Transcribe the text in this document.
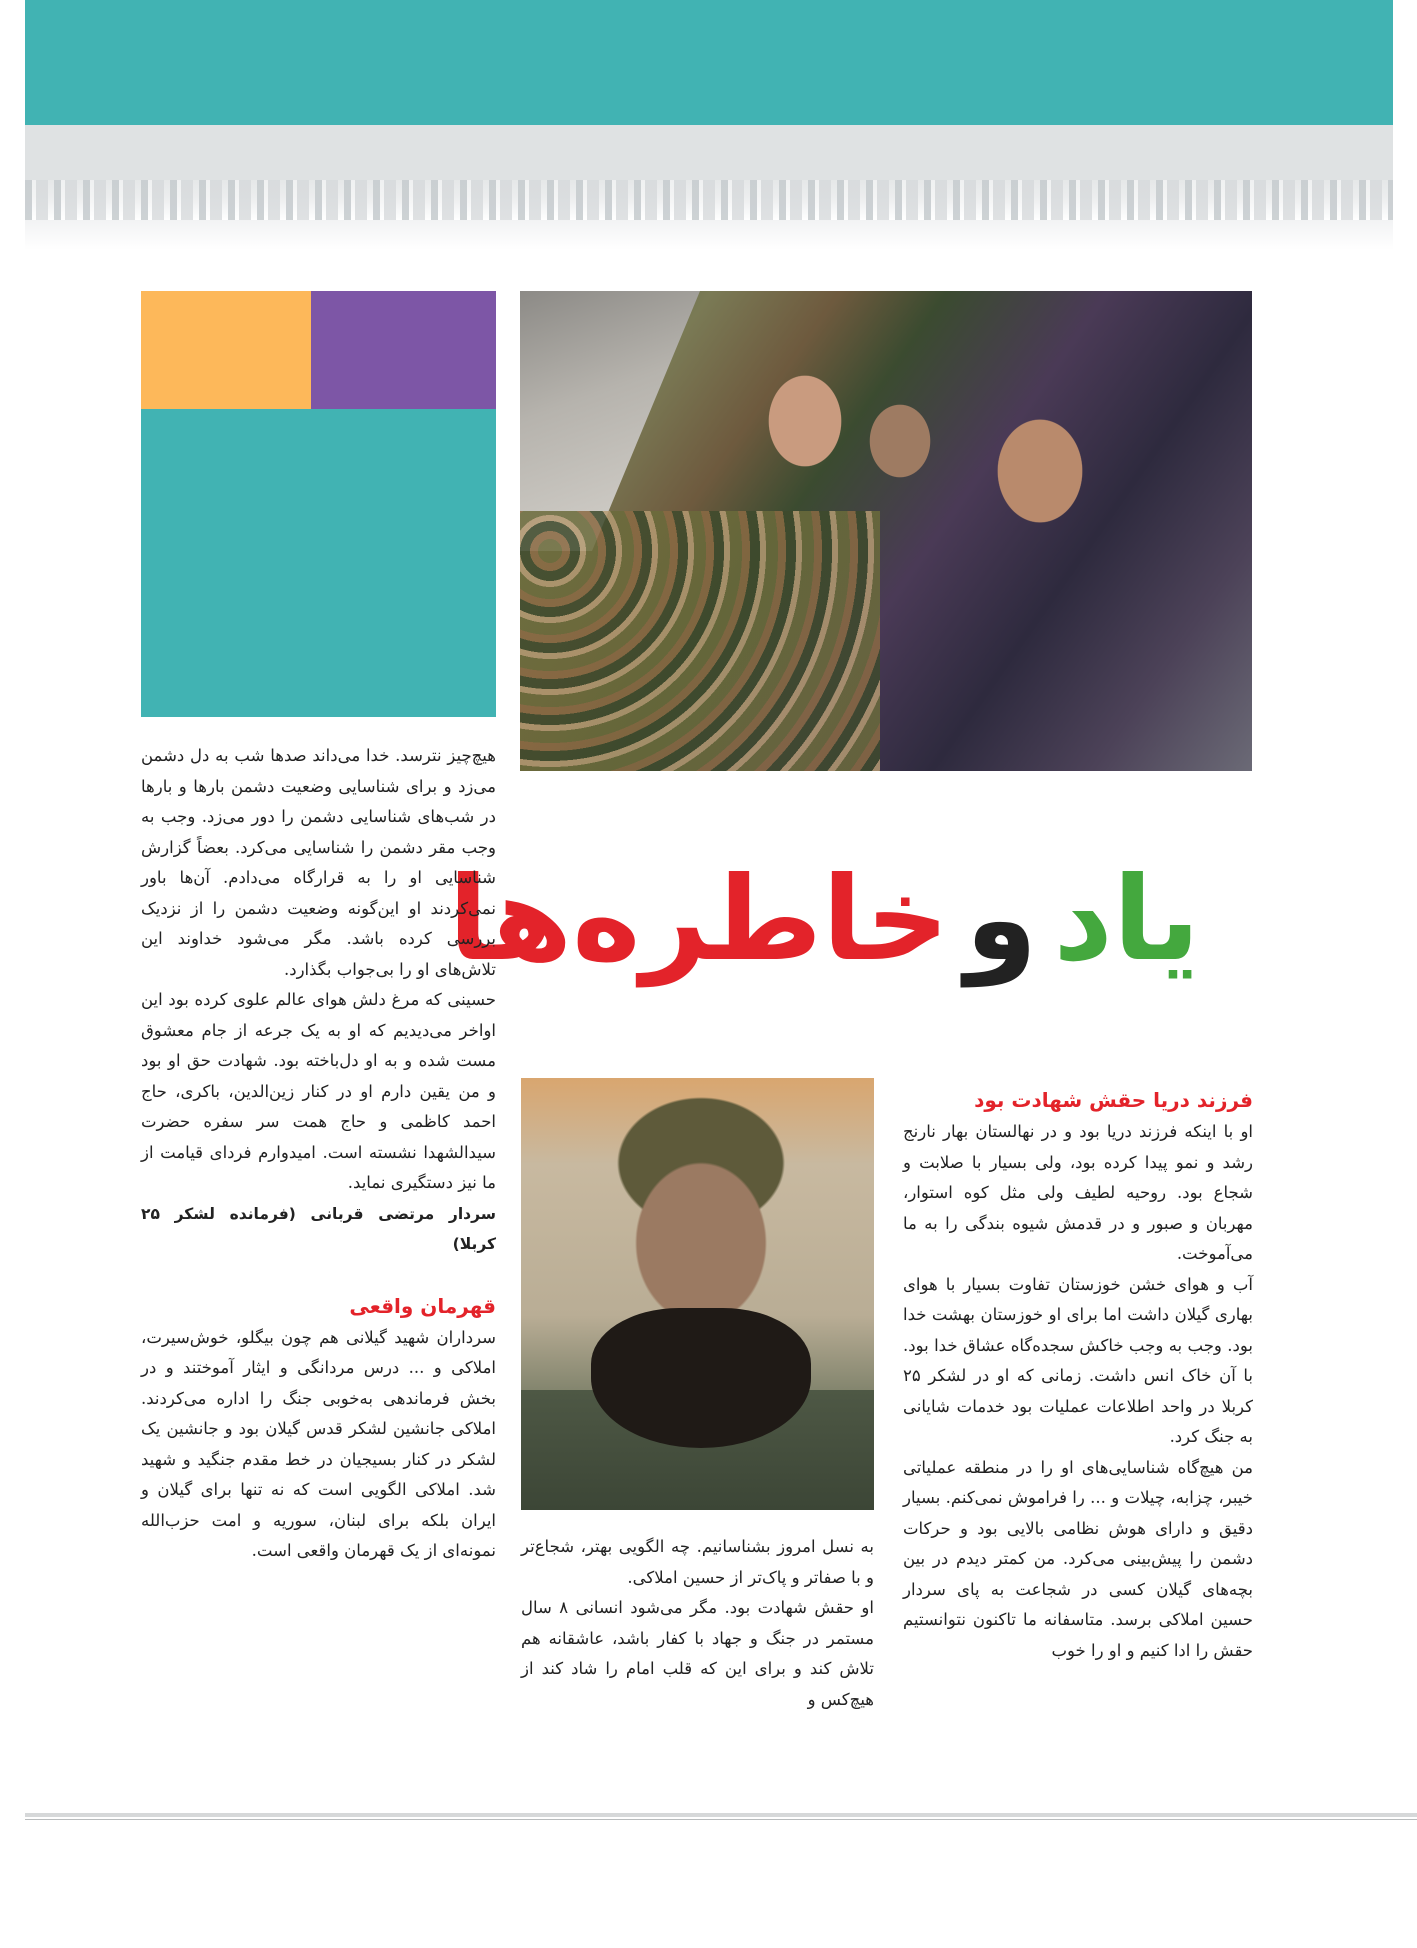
یادوخاطره‌ها

هیچ‌چیز نترسد. خدا می‌داند صدها شب به دل دشمن می‌زد و برای شناسایی وضعیت دشمن بارها و بارها در شب‌های شناسایی دشمن را دور می‌زد. وجب به وجب مقر دشمن را شناسایی می‌کرد. بعضاً گزارش شناسایی او را به قرارگاه می‌دادم. آن‌ها باور نمی‌کردند او این‌گونه وضعیت دشمن را از نزدیک بررسی کرده باشد. مگر می‌شود خداوند این تلاش‌های او را بی‌جواب بگذارد.

حسینی که مرغ دلش هوای عالم علوی کرده بود این اواخر می‌دیدیم که او به یک جرعه از جام معشوق مست شده و به او دل‌باخته بود. شهادت حق او بود و من یقین دارم او در کنار زین‌الدین، باکری، حاج احمد کاظمی و حاج همت سر سفره حضرت سیدالشهدا نشسته است. امیدوارم فردای قیامت از ما نیز دستگیری نماید.

سردار مرتضی قربانی (فرمانده لشکر ۲۵ کربلا)

قهرمان واقعی

سرداران شهید گیلانی هم چون بیگلو، خوش‌سیرت، املاکی و ... درس مردانگی و ایثار آموختند و در بخش فرماندهی به‌خوبی جنگ را اداره می‌کردند. املاکی جانشین لشکر قدس گیلان بود و جانشین یک لشکر در کنار بسیجیان در خط مقدم جنگید و شهید شد. املاکی الگویی است که نه تنها برای گیلان و ایران بلکه برای لبنان، سوریه و امت حزب‌الله نمونه‌ای از یک قهرمان واقعی است.

فرزند دریا حقش شهادت بود

او با اینکه فرزند دریا بود و در نهالستان بهار نارنج رشد و نمو پیدا کرده بود، ولی بسیار با صلابت و شجاع بود. روحیه لطیف ولی مثل کوه استوار، مهربان و صبور و در قدمش شیوه بندگی را به ما می‌آموخت.

آب و هوای خشن خوزستان تفاوت بسیار با هوای بهاری گیلان داشت اما برای او خوزستان بهشت خدا بود. وجب به وجب خاکش سجده‌گاه عشاق خدا بود. با آن خاک انس داشت. زمانی که او در لشکر ۲۵ کربلا در واحد اطلاعات عملیات بود خدمات شایانی به جنگ کرد.

من هیچ‌گاه شناسایی‌های او را در منطقه عملیاتی خیبر، چزابه، چیلات و ... را فراموش نمی‌کنم. بسیار دقیق و دارای هوش نظامی بالایی بود و حرکات دشمن را پیش‌بینی می‌کرد. من کمتر دیدم در بین بچه‌های گیلان کسی در شجاعت به پای سردار حسین املاکی برسد. متاسفانه ما تاکنون نتوانستیم حقش را ادا کنیم و او را خوب

به نسل امروز بشناسانیم. چه الگویی بهتر، شجاع‌تر و با صفاتر و پاک‌تر از حسین املاکی.

او حقش شهادت بود. مگر می‌شود انسانی ۸ سال مستمر در جنگ و جهاد با کفار باشد، عاشقانه هم تلاش کند و برای این که قلب امام را شاد کند از هیچ‌کس و
